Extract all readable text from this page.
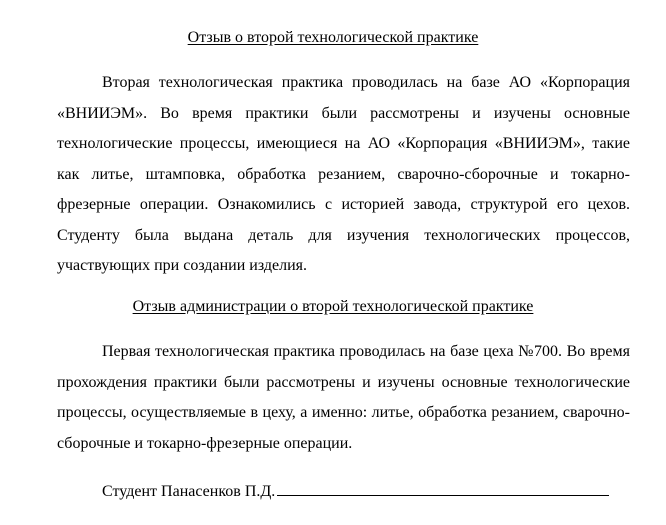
Отзыв о второй технологической практике

Вторая технологическая практика проводилась на базе АО «Корпорация «ВНИИЭМ». Во время практики были рассмотрены и изучены основные технологические процессы, имеющиеся на АО «Корпорация «ВНИИЭМ», такие как литье, штамповка, обработка резанием, сварочно-сборочные и токарно-фрезерные операции. Ознакомились с историей завода, структурой его цехов. Студенту была выдана деталь для изучения технологических процессов, участвующих при создании изделия.

Отзыв администрации о второй технологической практике

Первая технологическая практика проводилась на базе цеха №700. Во время прохождения практики были рассмотрены и изучены основные технологические процессы, осуществляемые в цеху, а именно: литье, обработка резанием, сварочно-сборочные и токарно-фрезерные операции.

Студент Панасенков П.Д.
